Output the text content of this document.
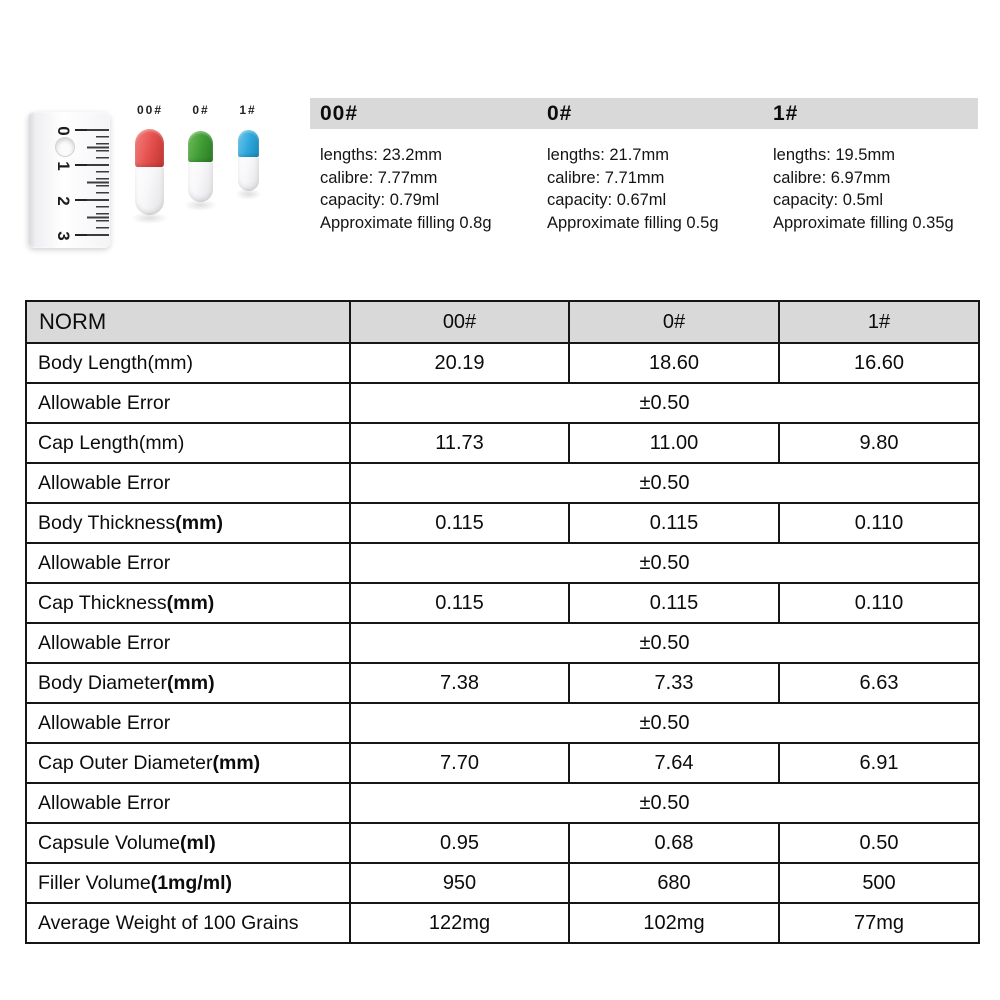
0
1
2
3
00#	0#	1#	00#
lengths: 23.2mm
calibre: 7.77mm
capacity: 0.79ml
Approximate filling 0.8g
0#
lengths: 21.7mm
calibre: 7.71mm
capacity: 0.67ml
Approximate filling 0.5g
1#
lengths: 19.5mm
calibre: 6.97mm
capacity: 0.5ml
Approximate filling 0.35g
NORM	00#	0#	1#
Body Length(mm)	20.19	18.60	16.60
Allowable Error	±0.50		
Cap Length(mm)	11.73	11.00	9.80
Allowable Error	±0.50		
Body Thickness(mm)	0.115	0.115	0.110
Allowable Error	±0.50		
Cap Thickness(mm)	0.115	0.115	0.110
Allowable Error	±0.50		
Body Diameter(mm)	7.38	7.33	6.63
Allowable Error	±0.50		
Cap Outer Diameter(mm)	7.70	7.64	6.91
Allowable Error	±0.50		
Capsule Volume(ml)	0.95	0.68	0.50
Filler Volume(1mg/ml)	950	680	500
Average Weight of 100 Grains	122mg	102mg	77mg
